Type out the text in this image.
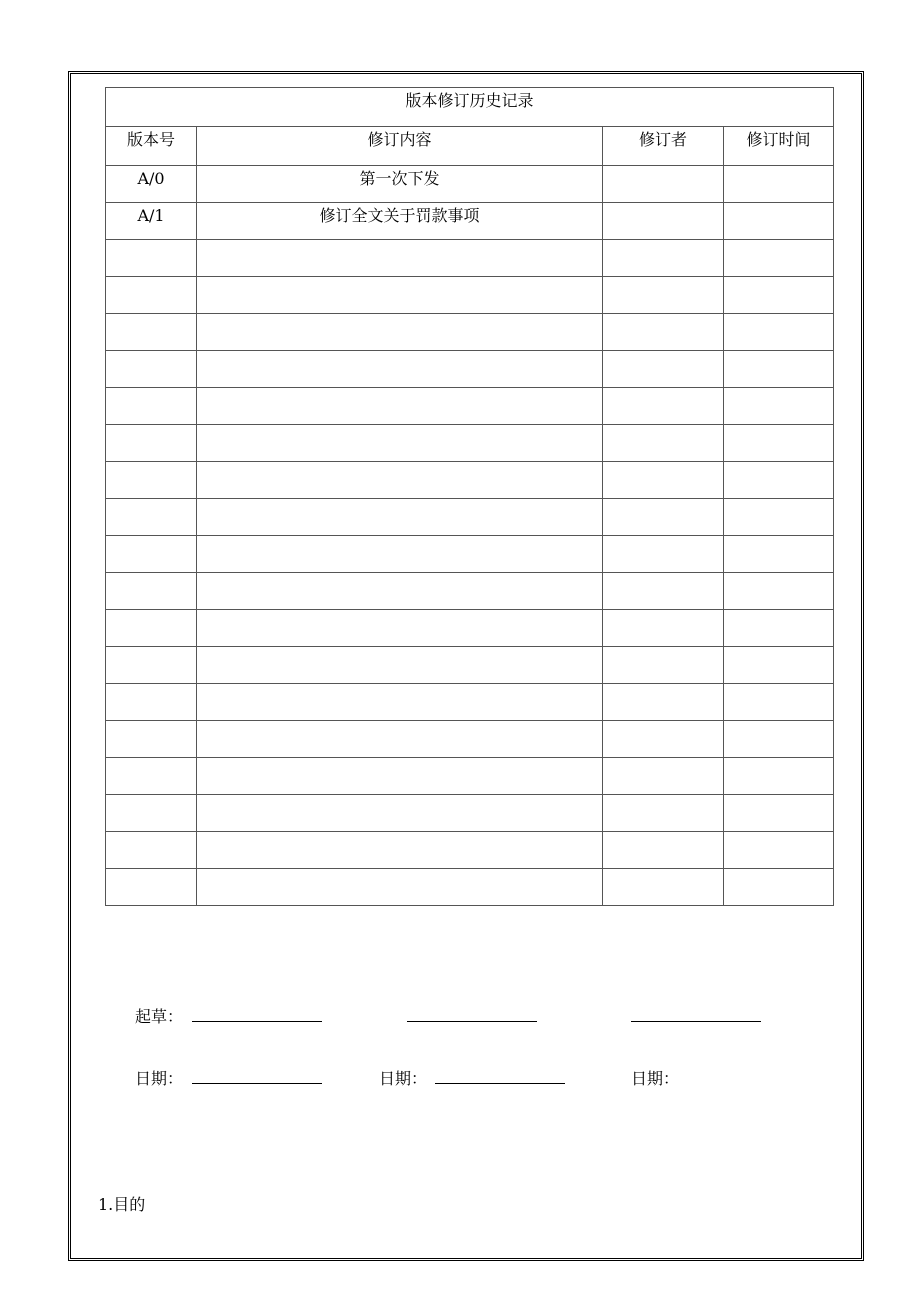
版本修订历史记录			
版本号	修订内容	修订者	修订时间
A/0	第一次下发		
A/1	修订全文关于罚款事项		

起草：
日期：	日期：	日期：
1.目的
